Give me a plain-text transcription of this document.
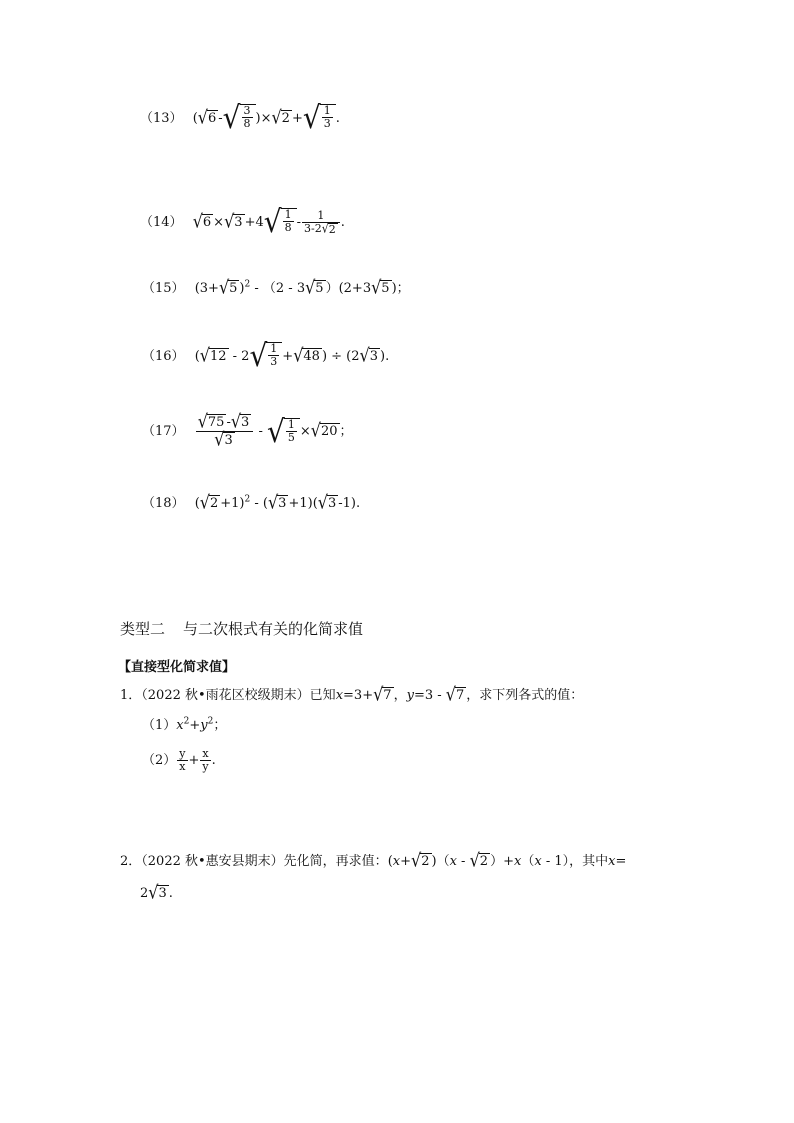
（13） ( √ 6 - √ $\frac{3}{8}$ )× √ 2 + √ $\frac{1}{3}$ .
（14） √ 6 × √ 3 +4 √ $\frac{1}{8} - \frac{1}{3-2 √ 2}$ .
（15） (3+ √ 5 )$^2$ - （2 - 3 √ 5 ）(2+3 √ 5 )；
（16） ( √ 12 - 2 √ $\frac{1}{3}$ + √ 48 ) ÷ (2 √ 3 ).
$(17) \frac{√ 75 - √ 3}{√ 3}$ - √ $\frac{1}{5}$ × √ 20 ；
（18） ( √ 2 +1)$^2$ - ( √ 3 +1)( √ 3 -1).
类型二 与二次根式有关的化简求值
【直接型化简求值】
1．（2022 秋•雨花区校级期末）已知x=3+ √ 7 ，y=3 - √ 7 ，求下列各式的值：
$(1)x^2+y^2$；
$(2) \frac{y}{x} + \frac{x}{y}$ .
2．（2022 秋•惠安县期末）先化简，再求值：(x+ √ 2 )（x - √ 2 ）+x（x - 1），其中x=
2 √ 3 .
